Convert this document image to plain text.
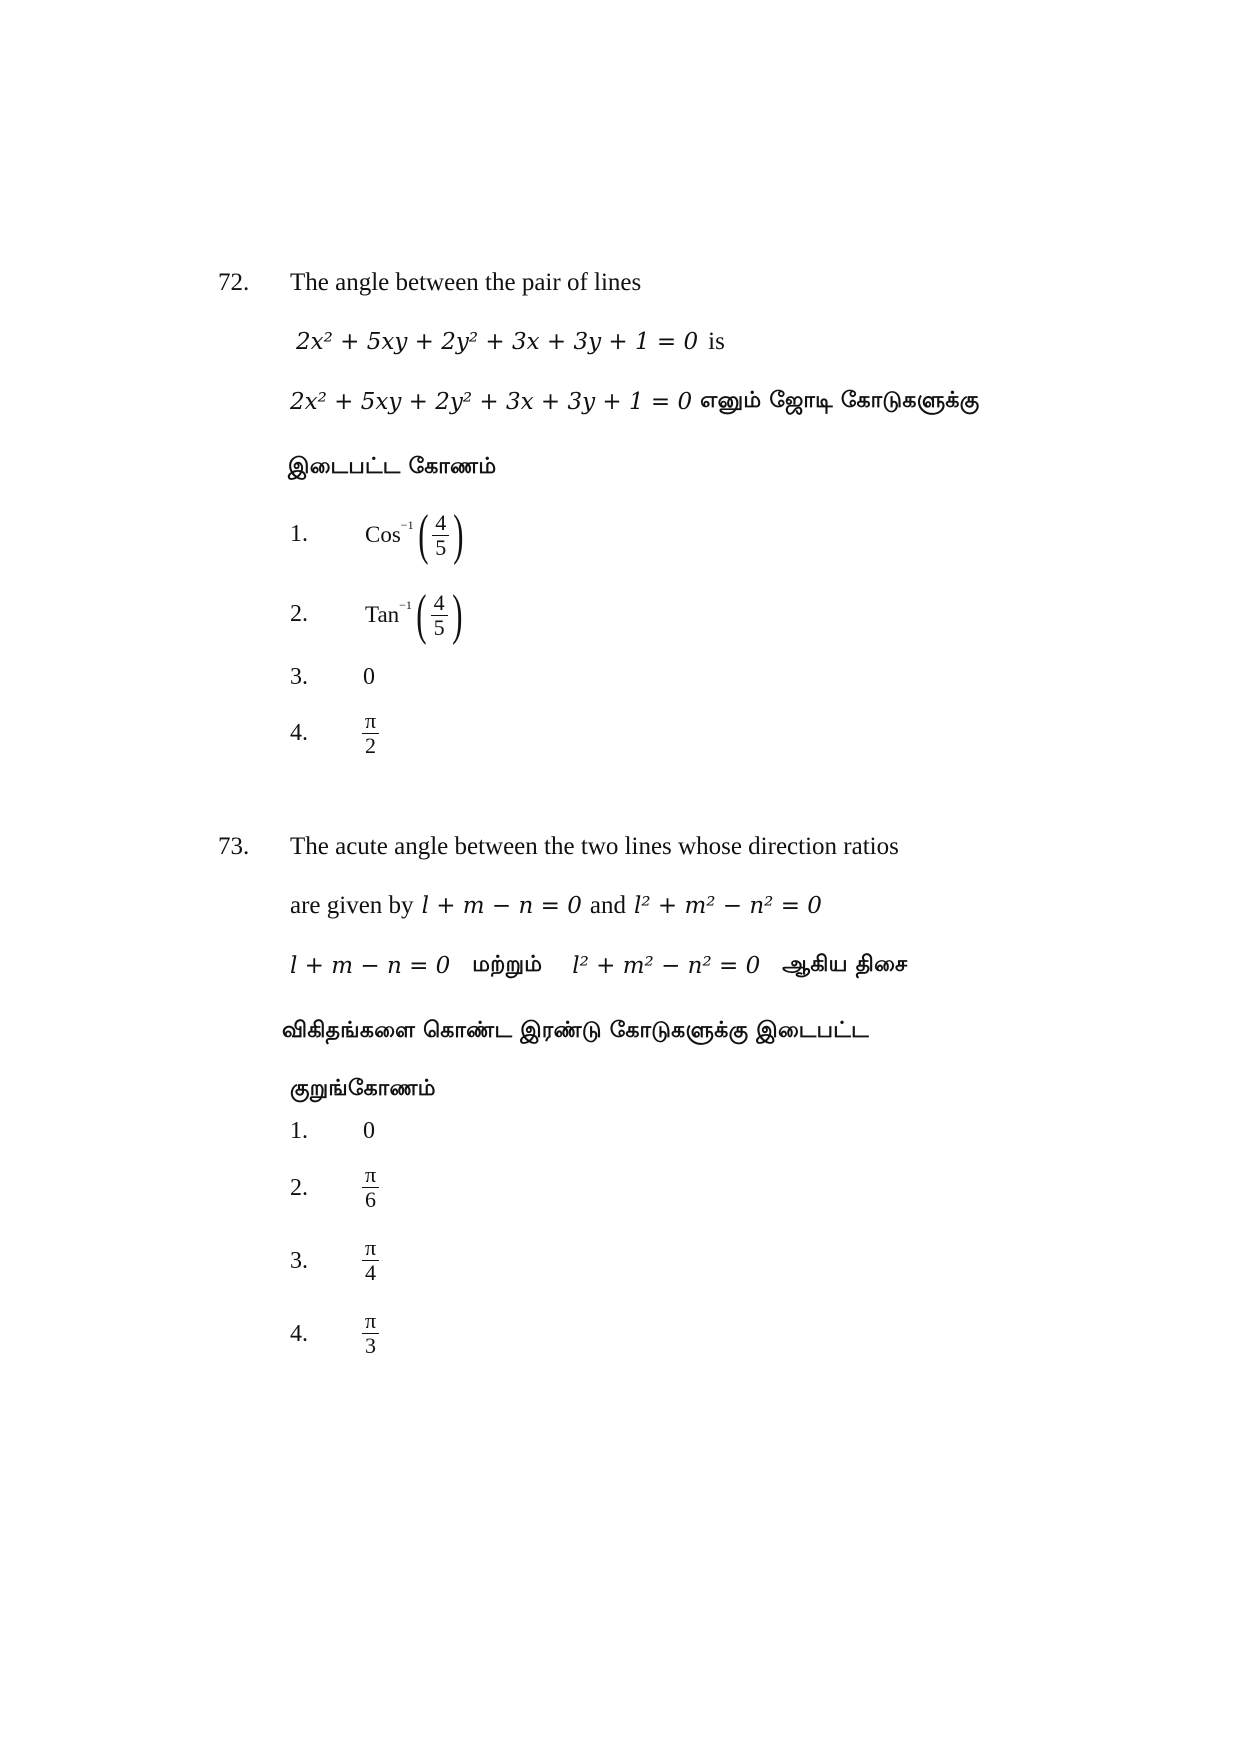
72. The angle between the pair of lines
2x² + 5xy + 2y² + 3x + 3y + 1 = 0 is
2x² + 5xy + 2y² + 3x + 3y + 1 = 0 எனும் ஜோடி கோடுகளுக்கு
இடைபட்ட கோணம்
1. Cos$^{-1}$ ( $\frac{4}{5}$ )
2. Tan$^{-1}$ ( $\frac{4}{5}$ )
3. 0
4. $\frac{\pi}{2}$
73. The acute angle between the two lines whose direction ratios
are given by l + m − n = 0 and l² + m² − n² = 0
l + m − n = 0 மற்றும் l² + m² − n² = 0 ஆகிய திசை
விகிதங்களை கொண்ட இரண்டு கோடுகளுக்கு இடைபட்ட
குறுங்கோணம்
1. 0
2. $\frac{\pi}{6}$
3. $\frac{\pi}{4}$
4. $\frac{\pi}{3}$
